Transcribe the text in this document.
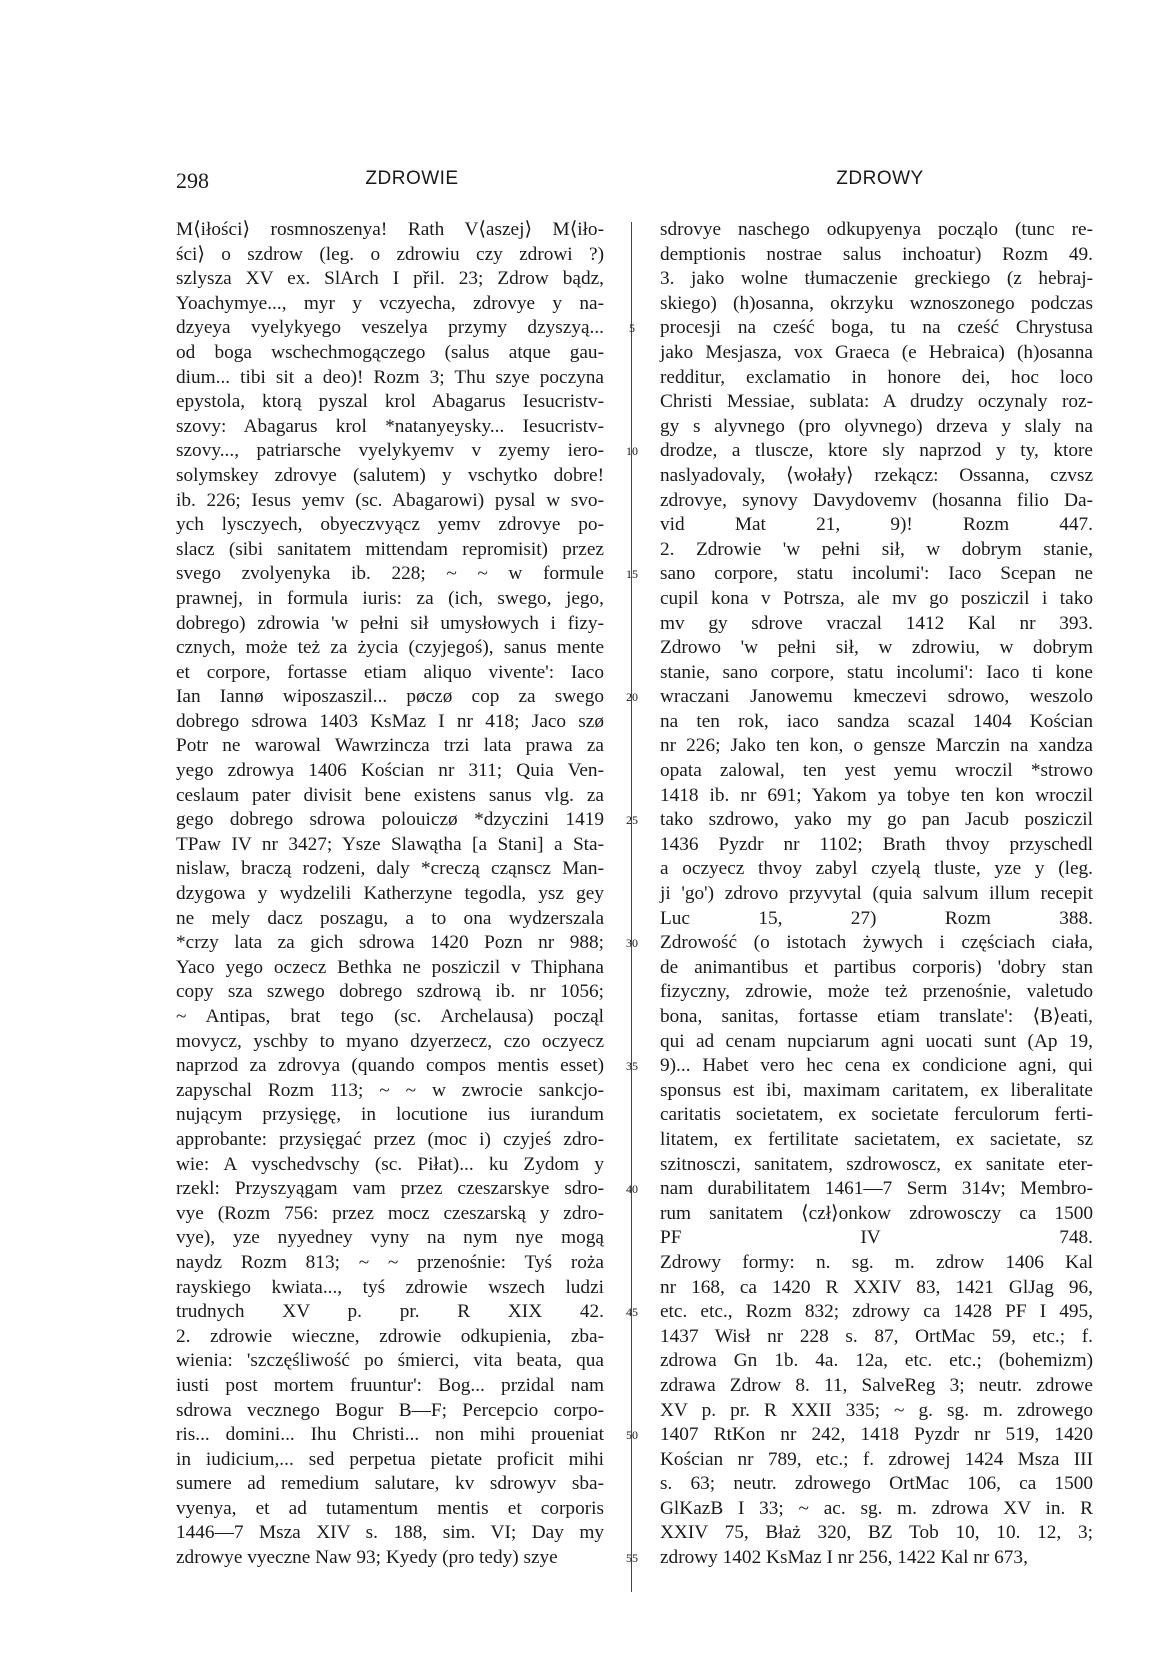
298	ZDROWIE	ZDROWY
M⟨iłości⟩ rosmnoszenya! Rath V⟨aszej⟩ M⟨iło-
ści⟩ o szdrow (leg. o zdrowiu czy zdrowi ?)
szlysza XV ex. SlArch I přil. 23; Zdrow bądz,
Yoachymye..., myr y vczyecha, zdrovye y na-
dzyeya vyelykyego veszelya przymy dzyszyą...
od boga wschechmogączego (salus atque gau-
dium... tibi sit a deo)! Rozm 3; Thu szye poczyna
epystola, ktorą pyszal krol Abagarus Iesucristv-
szovy: Abagarus krol *natanyeysky... Iesucristv-
szovy..., patriarsche vyelykyemv v zyemy iero-
solymskey zdrovye (salutem) y vschytko dobre!
ib. 226; Iesus yemv (sc. Abagarowi) pysal w svo-
ych lysczyech, obyeczvyącz yemv zdrovye po-
slacz (sibi sanitatem mittendam repromisit) przez
svego zvolyenyka ib. 228; ~ ~ w formule
prawnej, in formula iuris: za (ich, swego, jego,
dobrego) zdrowia 'w pełni sił umysłowych i fizy-
cznych, może też za życia (czyjegoś), sanus mente
et corpore, fortasse etiam aliquo vivente': Iaco
Ian Iannø wiposzaszil... pøczø cop za swego
dobrego sdrowa 1403 KsMaz I nr 418; Jaco szø
Potr ne warowal Wawrzincza trzi lata prawa za
yego zdrowya 1406 Kościan nr 311; Quia Ven-
ceslaum pater divisit bene existens sanus vlg. za
gego dobrego sdrowa polouiczø *dzyczini 1419
TPaw IV nr 3427; Ysze Slawątha [a Stani] a Sta-
nislaw, braczą rodzeni, daly *creczą cząnscz Man-
dzygowa y wydzelili Katherzyne tegodla, ysz gey
ne mely dacz poszagu, a to ona wydzerszala
*crzy lata za gich sdrowa 1420 Pozn nr 988;
Yaco yego oczecz Bethka ne posziczil v Thiphana
copy sza szwego dobrego szdrową ib. nr 1056;
~ Antipas, brat tego (sc. Archelausa) począl
movycz, yschby to myano dzyerzecz, czo oczyecz
naprzod za zdrovya (quando compos mentis esset)
zapyschal Rozm 113; ~ ~ w zwrocie sankcjo-
nującym przysięgę, in locutione ius iurandum
approbante: przysięgać przez (moc i) czyjeś zdro-
wie: A vyschedvschy (sc. Piłat)... ku Zydom y
rzekl: Przyszyągam vam przez czeszarskye sdro-
vye (Rozm 756: przez mocz czeszarską y zdro-
vye), yze nyyedney vyny na nym nye mogą
naydz Rozm 813; ~ ~ przenośnie: Tyś roża
rayskiego kwiata..., tyś zdrowie wszech ludzi
trudnych XV p. pr. R XIX 42.
2. zdrowie wieczne, zdrowie odkupienia, zba-
wienia: 'szczęśliwość po śmierci, vita beata, qua
iusti post mortem fruuntur': Bog... przidal nam
sdrowa vecznego Bogur B—F; Percepcio corpo-
ris... domini... Ihu Christi... non mihi proueniat
in iudicium,... sed perpetua pietate proficit mihi
sumere ad remedium salutare, kv sdrowyv sba-
vyenya, et ad tutamentum mentis et corporis
1446—7 Msza XIV s. 188, sim. VI; Day my
zdrowye vyeczne Naw 93; Kyedy (pro tedy) szye
5
10
15
20
25
30
35
40
45
50
55
sdrovye naschego odkupyenya począlo (tunc re-
demptionis nostrae salus inchoatur) Rozm 49.
3. jako wolne tłumaczenie greckiego (z hebraj-
skiego) (h)osanna, okrzyku wznoszonego podczas
procesji na cześć boga, tu na cześć Chrystusa
jako Mesjasza, vox Graeca (e Hebraica) (h)osanna
redditur, exclamatio in honore dei, hoc loco
Christi Messiae, sublata: A drudzy oczynaly roz-
gy s alyvnego (pro olyvnego) drzeva y slaly na
drodze, a tluscze, ktore sly naprzod y ty, ktore
naslyadovaly, ⟨wołały⟩ rzekącz: Ossanna, czvsz
zdrovye, synovy Davydovemv (hosanna filio Da-
vid Mat 21, 9)! Rozm 447.
2. Zdrowie 'w pełni sił, w dobrym stanie,
sano corpore, statu incolumi': Iaco Scepan ne
cupil kona v Potrsza, ale mv go posziczil i tako
mv gy sdrove vraczal 1412 Kal nr 393.
Zdrowo 'w pełni sił, w zdrowiu, w dobrym
stanie, sano corpore, statu incolumi': Iaco ti kone
wraczani Janowemu kmeczevi sdrowo, weszolo
na ten rok, iaco sandza scazal 1404 Kościan
nr 226; Jako ten kon, o gensze Marczin na xandza
opata zalowal, ten yest yemu wroczil *strowo
1418 ib. nr 691; Yakom ya tobye ten kon wroczil
tako szdrowo, yako my go pan Jacub posziczil
1436 Pyzdr nr 1102; Brath thvoy przyschedl
a oczyecz thvoy zabyl czyelą tluste, yze y (leg.
ji 'go') zdrovo przyvytal (quia salvum illum recepit
Luc 15, 27) Rozm 388.
Zdrowość (o istotach żywych i częściach ciała,
de animantibus et partibus corporis) 'dobry stan
fizyczny, zdrowie, może też przenośnie, valetudo
bona, sanitas, fortasse etiam translate': ⟨B⟩eati,
qui ad cenam nupciarum agni uocati sunt (Ap 19,
9)... Habet vero hec cena ex condicione agni, qui
sponsus est ibi, maximam caritatem, ex liberalitate
caritatis societatem, ex societate ferculorum ferti-
litatem, ex fertilitate sacietatem, ex sacietate, sz
szitnosczi, sanitatem, szdrowoscz, ex sanitate eter-
nam durabilitatem 1461—7 Serm 314v; Membro-
rum sanitatem ⟨czł⟩onkow zdrowosczy ca 1500
PF IV 748.
Zdrowy formy: n. sg. m. zdrow 1406 Kal
nr 168, ca 1420 R XXIV 83, 1421 GlJag 96,
etc. etc., Rozm 832; zdrowy ca 1428 PF I 495,
1437 Wisł nr 228 s. 87, OrtMac 59, etc.; f.
zdrowa Gn 1b. 4a. 12a, etc. etc.; (bohemizm)
zdrawa Zdrow 8. 11, SalveReg 3; neutr. zdrowe
XV p. pr. R XXII 335; ~ g. sg. m. zdrowego
1407 RtKon nr 242, 1418 Pyzdr nr 519, 1420
Kościan nr 789, etc.; f. zdrowej 1424 Msza III
s. 63; neutr. zdrowego OrtMac 106, ca 1500
GlKazB I 33; ~ ac. sg. m. zdrowa XV in. R
XXIV 75, Błaż 320, BZ Tob 10, 10. 12, 3;
zdrowy 1402 KsMaz I nr 256, 1422 Kal nr 673,
